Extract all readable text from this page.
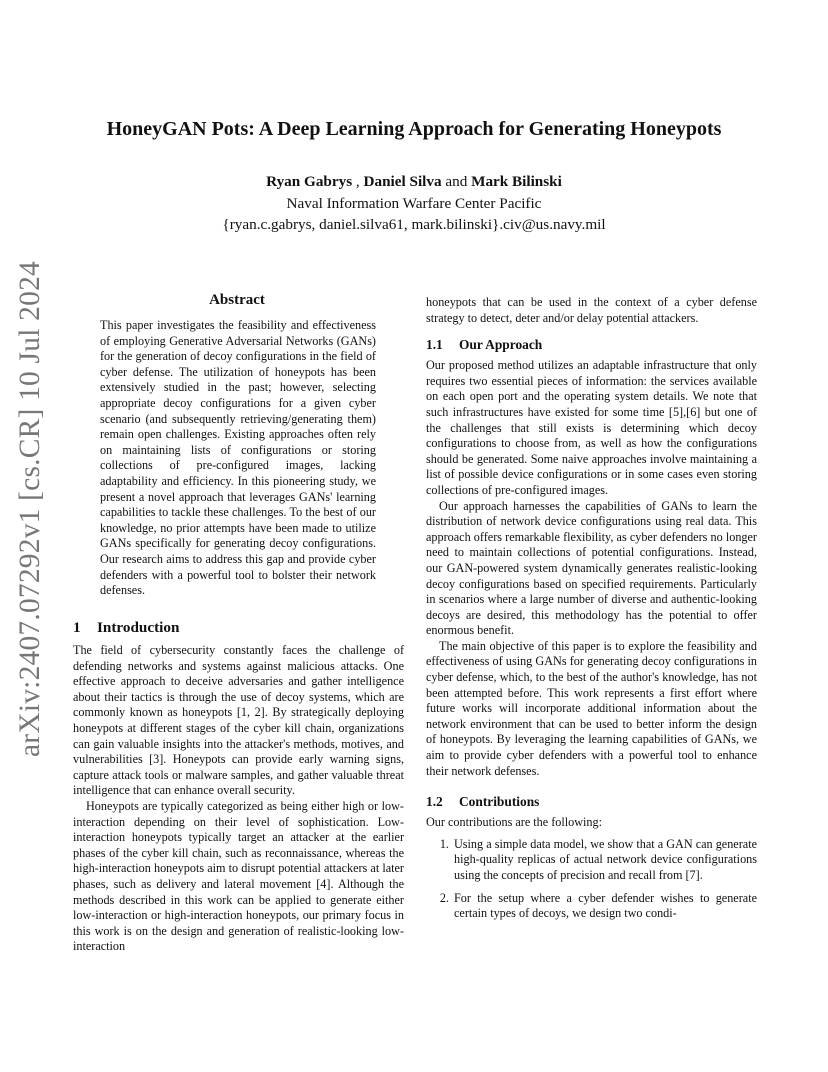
arXiv:2407.07292v1 [cs.CR] 10 Jul 2024
HoneyGAN Pots: A Deep Learning Approach for Generating Honeypots
Ryan Gabrys , Daniel Silva and Mark Bilinski
Naval Information Warfare Center Pacific
{ryan.c.gabrys, daniel.silva61, mark.bilinski}.civ@us.navy.mil
Abstract
This paper investigates the feasibility and effectiveness of employing Generative Adversarial Networks (GANs) for the generation of decoy configurations in the field of cyber defense. The utilization of honeypots has been extensively studied in the past; however, selecting appropriate decoy configurations for a given cyber scenario (and subsequently retrieving/generating them) remain open challenges. Existing approaches often rely on maintaining lists of configurations or storing collections of pre-configured images, lacking adaptability and efficiency. In this pioneering study, we present a novel approach that leverages GANs' learning capabilities to tackle these challenges. To the best of our knowledge, no prior attempts have been made to utilize GANs specifically for generating decoy configurations. Our research aims to address this gap and provide cyber defenders with a powerful tool to bolster their network defenses.
1 Introduction

The field of cybersecurity constantly faces the challenge of defending networks and systems against malicious attacks. One effective approach to deceive adversaries and gather intelligence about their tactics is through the use of decoy systems, which are commonly known as honeypots [1, 2]. By strategically deploying honeypots at different stages of the cyber kill chain, organizations can gain valuable insights into the attacker's methods, motives, and vulnerabilities [3]. Honeypots can provide early warning signs, capture attack tools or malware samples, and gather valuable threat intelligence that can enhance overall security.

Honeypots are typically categorized as being either high or low-interaction depending on their level of sophistication. Low-interaction honeypots typically target an attacker at the earlier phases of the cyber kill chain, such as reconnaissance, whereas the high-interaction honeypots aim to disrupt potential attackers at later phases, such as delivery and lateral movement [4]. Although the methods described in this work can be applied to generate either low-interaction or high-interaction honeypots, our primary focus in this work is on the design and generation of realistic-looking low-interaction

honeypots that can be used in the context of a cyber defense strategy to detect, deter and/or delay potential attackers.

1.1 Our Approach

Our proposed method utilizes an adaptable infrastructure that only requires two essential pieces of information: the services available on each open port and the operating system details. We note that such infrastructures have existed for some time [5],[6] but one of the challenges that still exists is determining which decoy configurations to choose from, as well as how the configurations should be generated. Some naive approaches involve maintaining a list of possible device configurations or in some cases even storing collections of pre-configured images.

Our approach harnesses the capabilities of GANs to learn the distribution of network device configurations using real data. This approach offers remarkable flexibility, as cyber defenders no longer need to maintain collections of potential configurations. Instead, our GAN-powered system dynamically generates realistic-looking decoy configurations based on specified requirements. Particularly in scenarios where a large number of diverse and authentic-looking decoys are desired, this methodology has the potential to offer enormous benefit.

The main objective of this paper is to explore the feasibility and effectiveness of using GANs for generating decoy configurations in cyber defense, which, to the best of the author's knowledge, has not been attempted before. This work represents a first effort where future works will incorporate additional information about the network environment that can be used to better inform the design of honeypots. By leveraging the learning capabilities of GANs, we aim to provide cyber defenders with a powerful tool to enhance their network defenses.

1.2 Contributions

Our contributions are the following:

1. Using a simple data model, we show that a GAN can generate high-quality replicas of actual network device configurations using the concepts of precision and recall from [7].
2. For the setup where a cyber defender wishes to generate certain types of decoys, we design two condi-
